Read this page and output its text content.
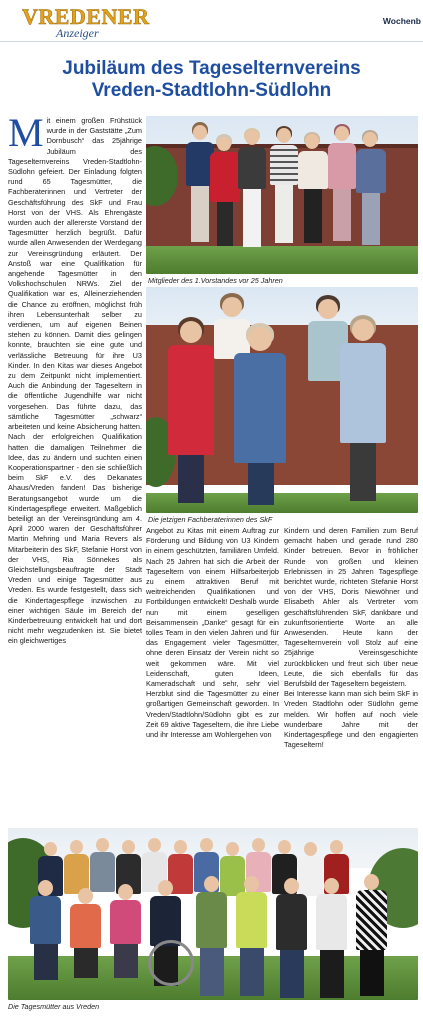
VREDENER
Anzeiger
Wochenb
Jubiläum des Tageselternvereins
Vreden-Stadtlohn-Südlohn
M it einem großen Frühstück wurde in der Gaststätte „Zum Dornbusch“ das 25jährige Jubiläum des Tageselternvereins Vreden-Stadtlohn-Südlohn gefeiert. Der Einladung folgten rund 65 Tagesmütter, die Fachberaterinnen und Vertreter der Geschäftsführung des SkF und Frau Horst von der VHS. Als Ehrengäste wurden auch der allererste Vorstand der Tagesmütter herzlich begrüßt. Dafür wurde allen Anwesenden der Werdegang zur Vereinsgründung erläutert. Der Anstoß war eine Qualifikation für angehende Tagesmütter in den Volkshochschulen NRWs. Ziel der Qualifikation war es, Alleinerziehenden die Chance zu eröffnen, möglichst früh ihren Lebensunterhalt selber zu verdienen, um auf eigenen Beinen stehen zu können. Damit dies gelingen konnte, brauchten sie eine gute und verlässliche Betreuung für ihre U3 Kinder. In den Kitas war dieses Angebot zu dem Zeitpunkt nicht implementiert. Auch die Anbindung der Tageseltern in die öffentliche Jugendhilfe war nicht vorgesehen. Das führte dazu, das sämtliche Tagesmütter „schwarz“ arbeiteten und keine Absicherung hatten. Nach der erfolgreichen Qualifikation hatten die damaligen Teilnehmer die Idee, das zu ändern und suchten einen Kooperationspartner - den sie schließlich beim SkF e.V. des Dekanates Ahaus/Vreden fanden! Das bisherige Beratungsangebot wurde um die Kindertagespflege erweitert. Maßgeblich beteiligt an der Vereinsgründung am 4. April 2000 waren der Geschäftsführer Martin Mehring und Maria Revers als Mitarbeiterin des SkF, Stefanie Horst von der VHS, Ria Sönnekes als Gleichstellungsbeauftragte der Stadt Vreden und einige Tagesmütter aus Vreden. Es wurde festgestellt, dass sich die Kindertagespflege inzwischen zu einer wichtigen Säule im Bereich der Kinderbetreuung entwickelt hat und dort nicht mehr wegzudenken ist. Sie bietet ein gleichwertiges
Mitglieder des 1.Vorstandes vor 25 Jahren
Die jetzigen Fachberaterinnen des SkF
Angebot zu Kitas mit einem Auftrag zur Förderung und Bildung von U3 Kindern in einem geschützten, familiären Umfeld. Nach 25 Jahren hat sich die Arbeit der Tageseltern von einem Hilfsarbeiterjob zu einem attraktiven Beruf mit weitreichenden Qualifikationen und Fortbildungen entwickelt! Deshalb wurde nun mit einem geselligen Beisammensein „Danke“ gesagt für ein tolles Team in den vielen Jahren und für das Engagement vieler Tagesmütter, ohne deren Einsatz der Verein nicht so weit gekommen wäre. Mit viel Leidenschaft, guten Ideen, Kameradschaft und sehr, sehr viel Herzblut sind die Tagesmütter zu einer großartigen Gemeinschaft geworden. In Vreden/Stadtlohn/Südlohn gibt es zur Zeit 69 aktive Tageseltern, die ihre Liebe und ihr Interesse am Wohlergehen von

Kindern und deren Familien zum Beruf gemacht haben und gerade rund 280 Kinder betreuen. Bevor in fröhlicher Runde von großen und kleinen Erlebnissen in 25 Jahren Tagespflege berichtet wurde, richteten Stefanie Horst von der VHS, Doris Niewöhner und Elisabeth Ahler als Vertreter vom geschäftsführenden SkF, dankbare und zukunftsorientierte Worte an alle Anwesenden. Heute kann der Tageselternverein voll Stolz auf eine 25jährige Vereinsgeschichte zurückblicken und freut sich über neue Leute, die sich ebenfalls für das Berufsbild der Tageseltern begeistern.

Bei Interesse kann man sich beim SkF in Vreden Stadtlohn oder Südlohn gerne melden. Wir hoffen auf noch viele wunderbare Jahre mit der Kindertagespflege und den engagierten Tageseltern!

Die Tagesmütter aus Vreden
